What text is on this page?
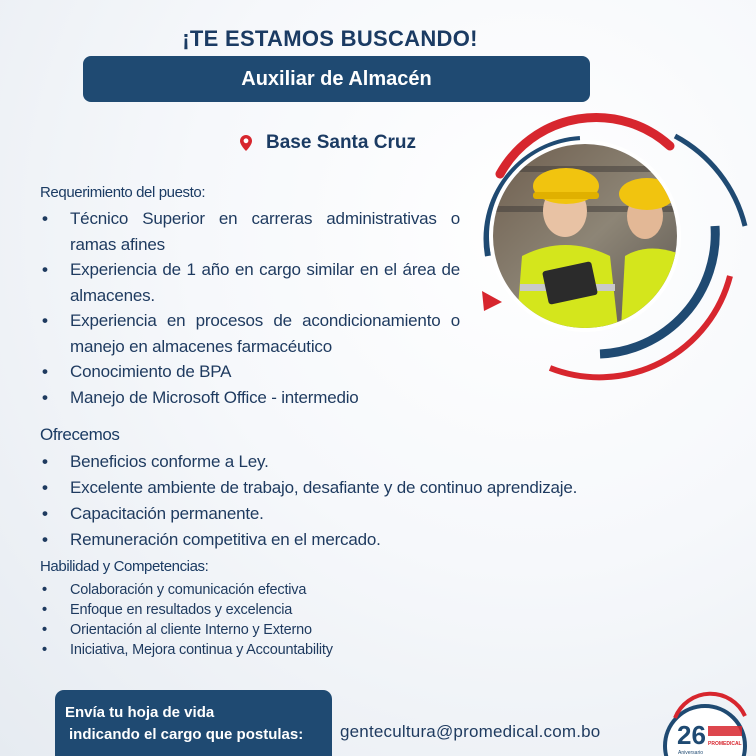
¡TE ESTAMOS BUSCANDO!
Auxiliar de Almacén
Base Santa Cruz
Requerimiento del puesto:
• Técnico Superior en carreras administrativas o ramas afines
• Experiencia de 1 año en cargo similar en el área de almacenes.
• Experiencia en procesos de acondicionamiento o manejo en almacenes farmacéutico
• Conocimiento de BPA
• Manejo de Microsoft Office - intermedio
Ofrecemos
• Beneficios conforme a Ley.
• Excelente ambiente de trabajo, desafiante y de continuo aprendizaje.
• Capacitación permanente.
• Remuneración competitiva en el mercado.
Habilidad y Competencias:
• Colaboración y comunicación efectiva
• Enfoque en resultados y excelencia
• Orientación al cliente Interno y Externo
• Iniciativa, Mejora continua y Accountability
Envía tu hoja de vida
indicando el cargo que postulas:	gentecultura@promedical.com.bo	26 PROMEDICAL
Aniversario
